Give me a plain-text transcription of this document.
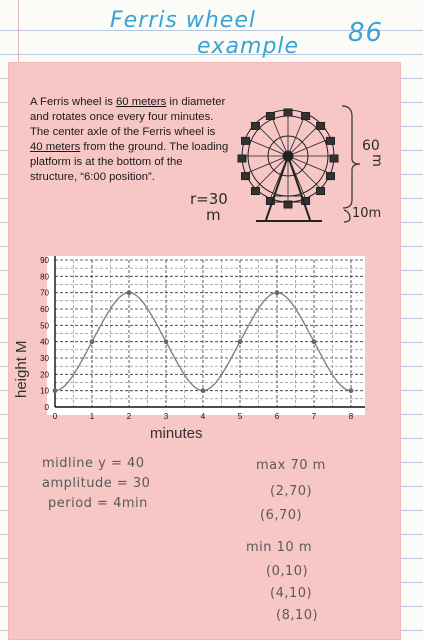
Ferris wheel
example 86
A Ferris wheel is 60 meters in diameter and rotates once every four minutes. The center axle of the Ferris wheel is 40 meters from the ground. The loading platform is at the bottom of the structure, “6:00 position”.
60
m
r=30
m	10m
0
10
20
30
40
50
60
70
80
90
0	1	2	3	4	5	6	7	8
minutes
height M
midline y = 40
amplitude = 30
period = 4min
max 70 m
(2,70)
(6,70)
min 10 m
(0,10)
(4,10)
(8,10)
